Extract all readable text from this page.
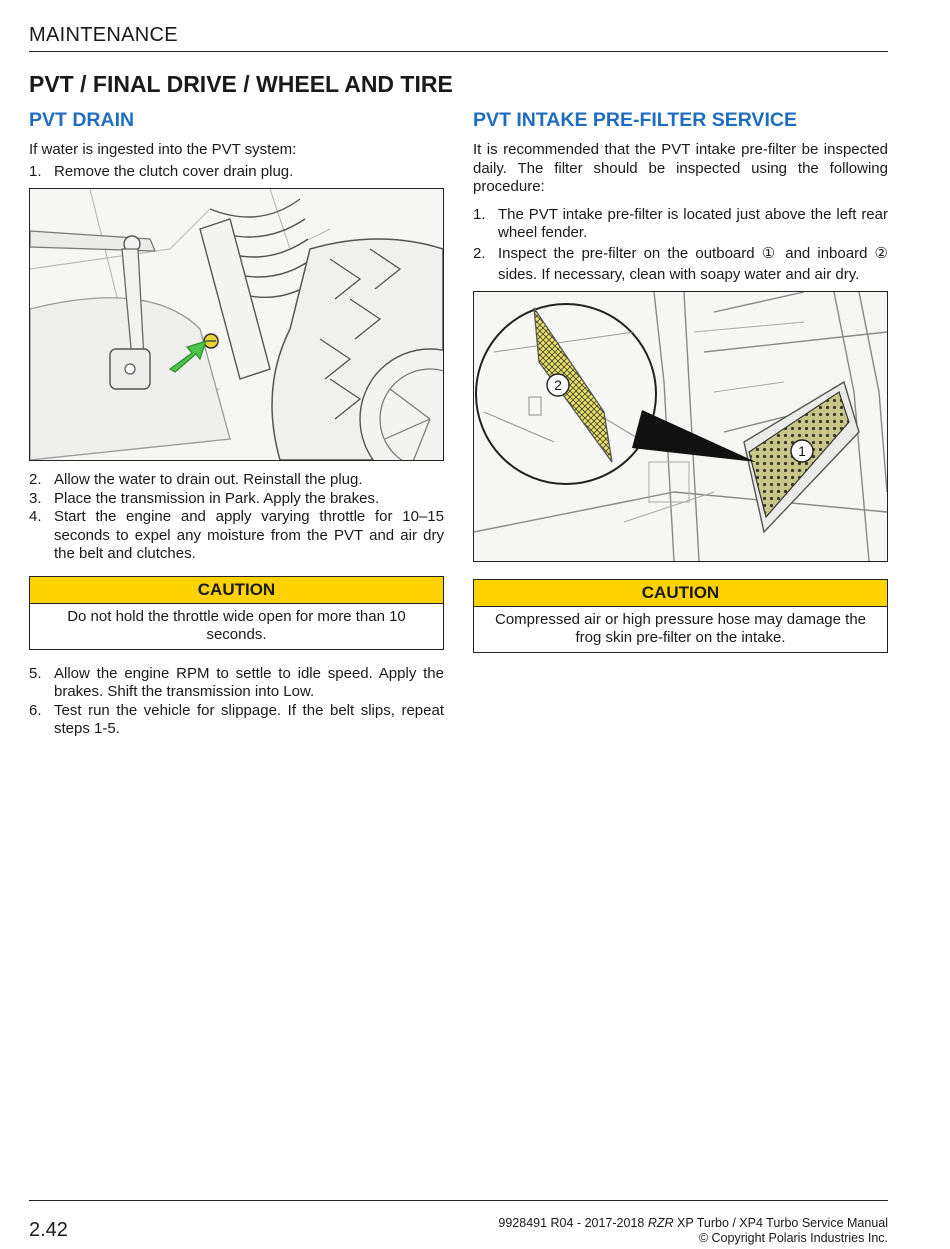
MAINTENANCE
PVT / FINAL DRIVE / WHEEL AND TIRE
PVT DRAIN

If water is ingested into the PVT system:

1. Remove the clutch cover drain plug.
2. Allow the water to drain out. Reinstall the plug.
3. Place the transmission in Park. Apply the brakes.
4. Start the engine and apply varying throttle for 10–15 seconds to expel any moisture from the PVT and air dry the belt and clutches.
CAUTION
Do not hold the throttle wide open for more than 10 seconds.
5. Allow the engine RPM to settle to idle speed. Apply the brakes. Shift the transmission into Low.
6. Test run the vehicle for slippage. If the belt slips, repeat steps 1-5.
PVT INTAKE PRE-FILTER SERVICE

It is recommended that the PVT intake pre-filter be inspected daily. The filter should be inspected using the following procedure:

1. The PVT intake pre-filter is located just above the left rear wheel fender.
2. Inspect the pre-filter on the outboard ① and inboard ② sides. If necessary, clean with soapy water and air dry.
2
1
CAUTION
Compressed air or high pressure hose may damage the frog skin pre-filter on the intake.
2.42	9928491 R04 - 2017-2018 RZR XP Turbo / XP4 Turbo Service Manual
© Copyright Polaris Industries Inc.
